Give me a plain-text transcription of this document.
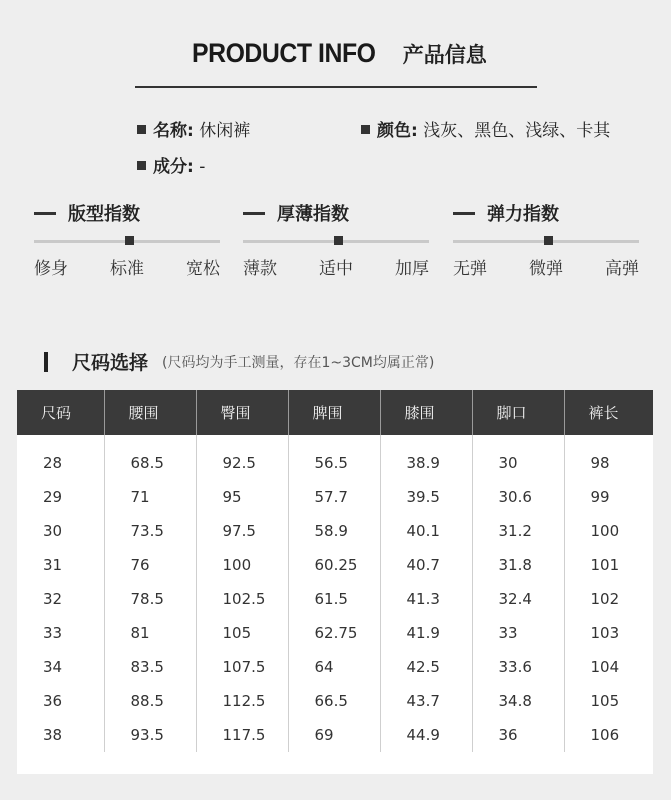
PRODUCT INFO 产品信息
名称: 休闲裤	颜色: 浅灰、黑色、浅绿、卡其
成分: -
版型指数
修身 标准 宽松
厚薄指数
薄款 适中 加厚
弹力指数
无弹 微弹 高弹
尺码选择 (尺码均为手工测量，存在1~3CM均属正常)
尺码	腰围	臀围	脾围	膝围	脚口	裤长
28	68.5	92.5	56.5	38.9	30	98
29	71	95	57.7	39.5	30.6	99
30	73.5	97.5	58.9	40.1	31.2	100
31	76	100	60.25	40.7	31.8	101
32	78.5	102.5	61.5	41.3	32.4	102
33	81	105	62.75	41.9	33	103
34	83.5	107.5	64	42.5	33.6	104
36	88.5	112.5	66.5	43.7	34.8	105
38	93.5	117.5	69	44.9	36	106
